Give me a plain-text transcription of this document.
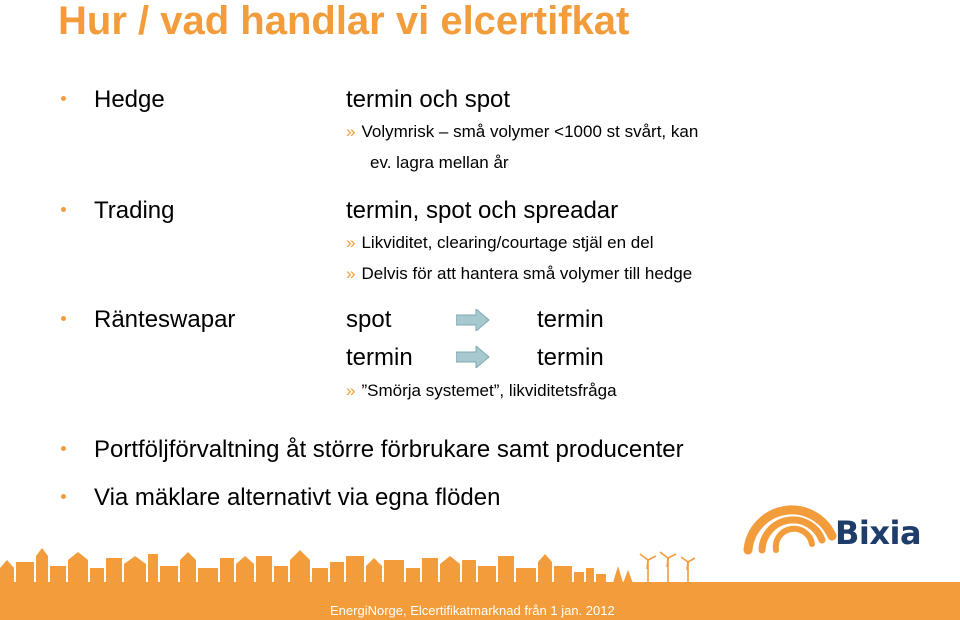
Hur / vad handlar vi elcertifkat
Hedge	termin och spot
» Volymrisk – små volymer <1000 st svårt, kan
ev. lagra mellan år
Trading	termin, spot och spreadar
» Likviditet, clearing/courtage stjäl en del
» Delvis för att hantera små volymer till hedge
Ränteswapar	spot	termin
termin	termin
» ”Smörja systemet”, likviditetsfråga
Portföljförvaltning åt större förbrukare samt producenter
Via mäklare alternativt via egna flöden
Bixia
EnergiNorge, Elcertifikatmarknad från 1 jan. 2012
